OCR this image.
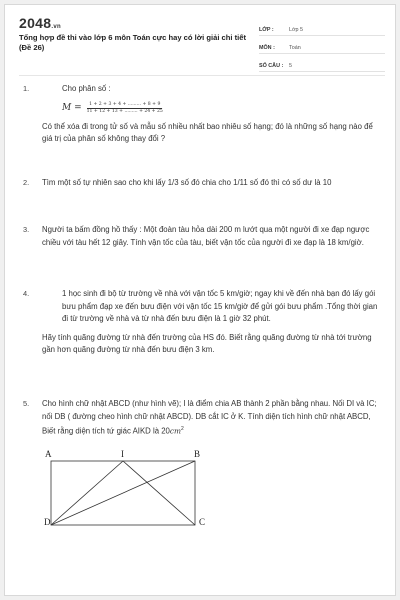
2048.vn
Tổng hợp đề thi vào lớp 6 môn Toán cực hay có lời giải chi tiết (Đề 26)
LỚP :	Lớp 5
MÔN :	Toán
SỐ CÂU :	5
1.	Cho phân số :

$M = \frac{1 + 2 + 3 + 4 + ......... + 8 + 9}{11 + 12 + 13 + ......... + 24 + 25}$

Có thể xóa đi trong tử số và mẫu số nhiều nhất bao nhiêu số hạng; đó là những số hạng nào để giá trị của phân số không thay đổi ?

2. Tìm một số tự nhiên sao cho khi lấy 1/3 số đó chia cho 1/11 số đó thì có số dư là 10

3. Người ta bấm đồng hồ thấy : Một đoàn tàu hỏa dài 200 m lướt qua một người đi xe đạp ngược chiều với tàu hết 12 giây. Tính vận tốc của tàu, biết vận tốc của người đi xe đạp là 18 km/giờ.

4.	1 học sinh đi bộ từ trường về nhà với vận tốc 5 km/giờ; ngay khi về đến nhà bạn đó lấy gói bưu phẩm đạp xe đến bưu điện với vận tốc 15 km/giờ để gửi gói bưu phẩm .Tổng thời gian đi từ trường về nhà và từ nhà đến bưu điện là 1 giờ 32 phút.

Hãy tính quãng đường từ nhà đến trường của HS đó. Biết rằng quãng đường từ nhà tới trường gần hơn quãng đường từ nhà đến bưu điện 3 km.

5. Cho hình chữ nhật ABCD (như hình vẽ); I là điểm chia AB thành 2 phần bằng nhau. Nối DI và IC; nối DB ( đường cheo hình chữ nhật ABCD). DB cắt IC ở K. Tính diện tích hình chữ nhật ABCD, Biết rằng diện tích tứ giác AIKD là $20cm^2$

A	I	B
D	C
